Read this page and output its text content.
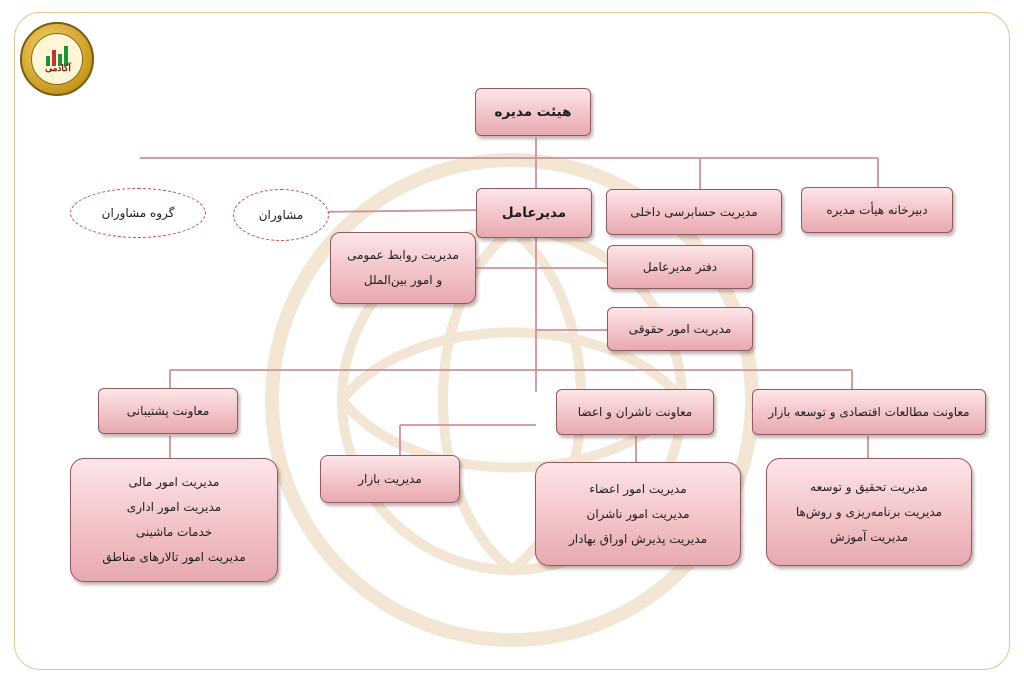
آکادمی
هیئت مدیره
مدیرعامل	مدیریت حسابرسی داخلی	دبیرخانه هیأت مدیره
مشاوران
گروه مشاوران
مدیریت روابط عمومی
و امور بین‌الملل
دفتر مدیرعامل
مدیریت امور حقوقی
معاونت پشتیبانی	معاونت ناشران و اعضا	معاونت مطالعات اقتصادی و توسعه بازار
مدیریت بازار
مدیریت امور مالی
مدیریت امور اداری
خدمات ماشینی
مدیریت امور تالارهای مناطق
مدیریت امور اعضاء
مدیریت امور ناشران
مدیریت پذیرش اوراق بهادار
مدیریت تحقیق و توسعه
مدیریت برنامه‌ریزی و روش‌ها
مدیریت آموزش
